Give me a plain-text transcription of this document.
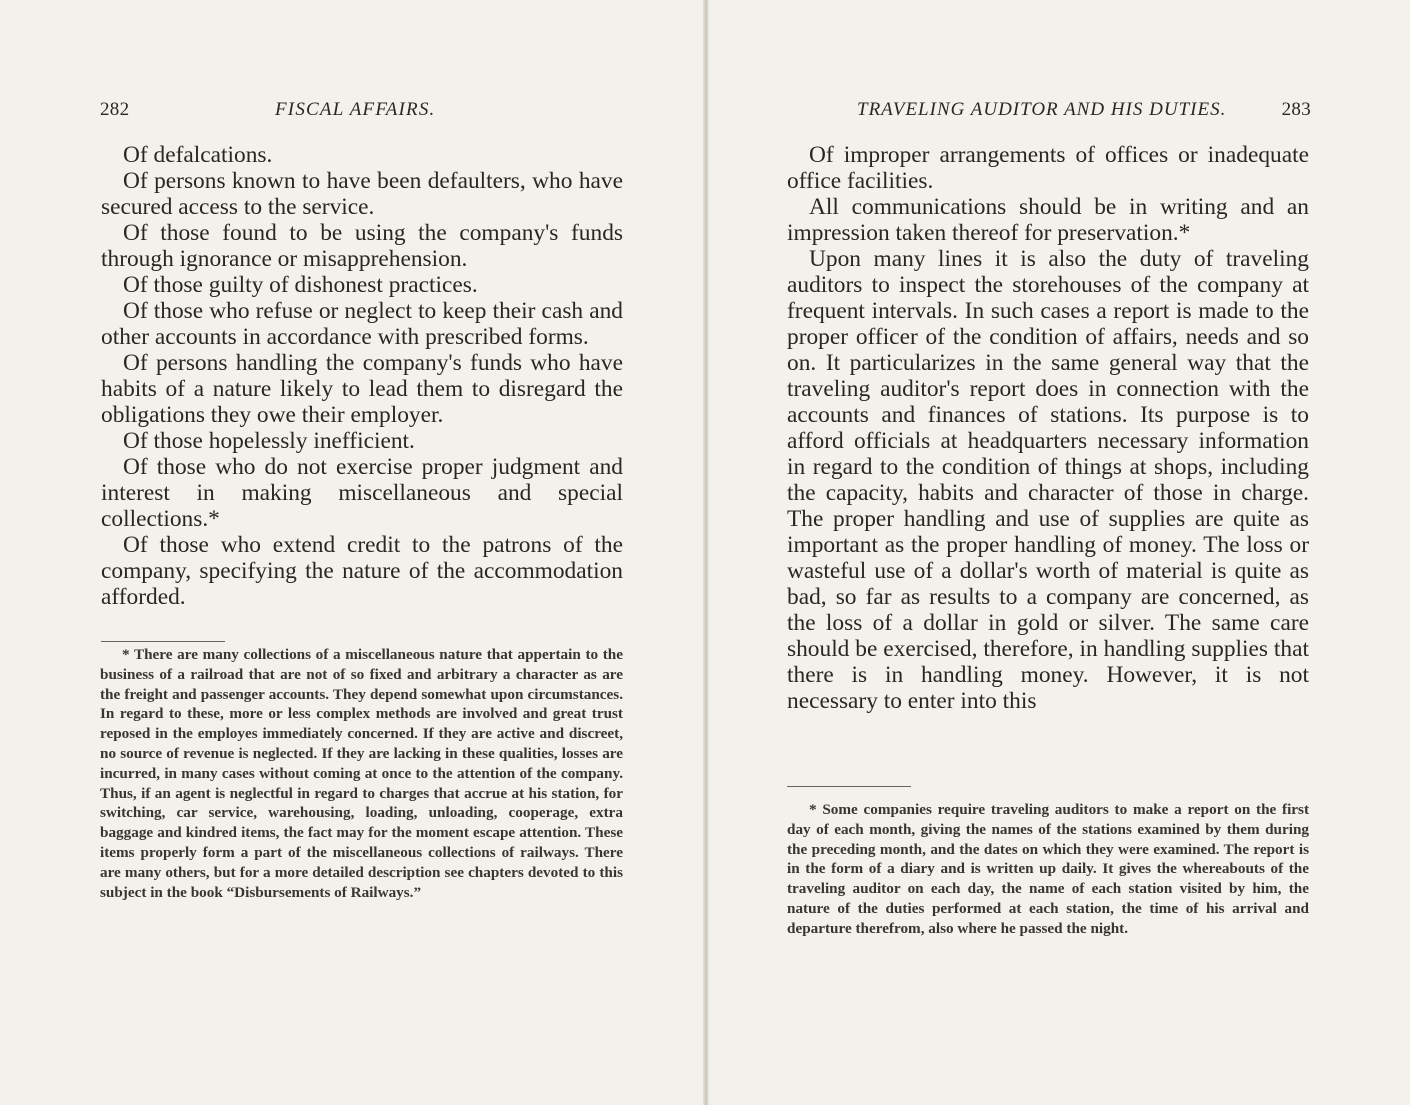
282	FISCAL AFFAIRS.

Of defalcations.

Of persons known to have been defaulters, who have secured access to the service.

Of those found to be using the company's funds through ignorance or misapprehension.

Of those guilty of dishonest practices.

Of those who refuse or neglect to keep their cash and other accounts in accordance with prescribed forms.

Of persons handling the company's funds who have habits of a nature likely to lead them to disregard the obligations they owe their employer.

Of those hopelessly inefficient.

Of those who do not exercise proper judgment and interest in making miscellaneous and special collections.*

Of those who extend credit to the patrons of the company, specifying the nature of the accommodation afforded.

* There are many collections of a miscellaneous nature that appertain to the business of a railroad that are not of so fixed and arbitrary a character as are the freight and passenger accounts. They depend somewhat upon circumstances. In regard to these, more or less complex methods are involved and great trust reposed in the employes immediately concerned. If they are active and discreet, no source of revenue is neglected. If they are lacking in these qualities, losses are incurred, in many cases without coming at once to the attention of the company. Thus, if an agent is neglectful in regard to charges that accrue at his station, for switching, car service, warehousing, loading, unloading, cooperage, extra baggage and kindred items, the fact may for the moment escape attention. These items properly form a part of the miscellaneous collections of railways. There are many others, but for a more detailed description see chapters devoted to this subject in the book “Disbursements of Railways.”

TRAVELING AUDITOR AND HIS DUTIES.	283

Of improper arrangements of offices or inadequate office facilities.

All communications should be in writing and an impression taken thereof for preservation.*

Upon many lines it is also the duty of traveling auditors to inspect the storehouses of the company at frequent intervals. In such cases a report is made to the proper officer of the condition of affairs, needs and so on. It particularizes in the same general way that the traveling auditor's report does in connection with the accounts and finances of stations. Its purpose is to afford officials at headquarters necessary information in regard to the condition of things at shops, including the capacity, habits and character of those in charge. The proper handling and use of supplies are quite as important as the proper handling of money. The loss or wasteful use of a dollar's worth of material is quite as bad, so far as results to a company are concerned, as the loss of a dollar in gold or silver. The same care should be exercised, therefore, in handling supplies that there is in handling money. However, it is not necessary to enter into this

* Some companies require traveling auditors to make a report on the first day of each month, giving the names of the stations examined by them during the preceding month, and the dates on which they were examined. The report is in the form of a diary and is written up daily. It gives the whereabouts of the traveling auditor on each day, the name of each station visited by him, the nature of the duties performed at each station, the time of his arrival and departure therefrom, also where he passed the night.
